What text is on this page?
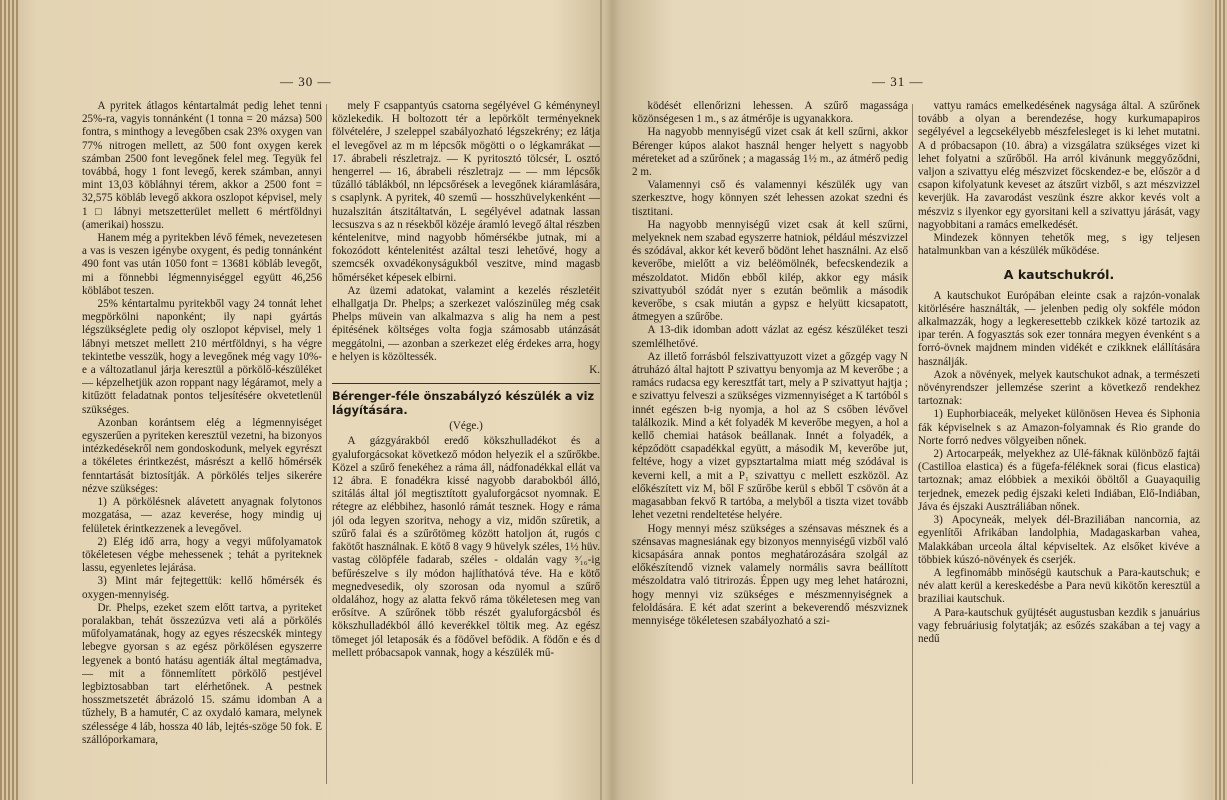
— 30 —

A pyritek átlagos kéntartalmát pedig lehet tenni 25%-ra, vagyis tonnánként (1 tonna = 20 mázsa) 500 fontra, s minthogy a levegőben csak 23% oxygen van 77% nitrogen mellett, az 500 font oxygen kerek számban 2500 font levegőnek felel meg. Tegyük fel továbbá, hogy 1 font levegő, kerek számban, annyi mint 13,03 köbláhnyi térem, akkor a 2500 font = 32,575 köbláb levegő akkora oszlopot képvisel, mely 1 □ lábnyi metszetterület mellett 6 mértföldnyi (amerikai) hosszu.

Hanem még a pyritekben lévő fémek, nevezetesen a vas is veszen igénybe oxygent, és pedig tonnánként 490 font vas után 1050 font = 13681 köbláb levegőt, mi a fönnebbi légmennyiséggel együtt 46,256 köblábot teszen.

25% kéntartalmu pyritekből vagy 24 tonnát lehet megpörkölni naponként; ily napi gyártás légszükséglete pedig oly oszlopot képvisel, mely 1 lábnyi metszet mellett 210 mértföldnyi, s ha végre tekintetbe vesszük, hogy a levegőnek még vagy 10%-e a változatlanul járja keresztül a pörkölő-készüléket — képzelhetjük azon roppant nagy légáramot, mely a kitűzött feladatnak pontos teljesítésére okvetetlenül szükséges.

Azonban korántsem elég a légmennyiséget egyszerűen a pyriteken keresztül vezetni, ha bizonyos intézkedésekről nem gondoskodunk, melyek egyrészt a tökéletes érintkezést, másrészt a kellő hőmérsék fenntartását biztosítják. A pörkölés teljes sikerére nézve szükséges:

1) A pörkölésnek alávetett anyagnak folytonos mozgatása, — azaz keverése, hogy mindig uj felületek érintkezzenek a levegővel.

2) Elég idő arra, hogy a vegyi műfolyamatok tökéletesen végbe mehessenek ; tehát a pyriteknek lassu, egyenletes lejárása.

3) Mint már fejtegettük: kellő hőmérsék és oxygen-mennyiség.

Dr. Phelps, ezeket szem előtt tartva, a pyriteket poralakban, tehát összezúzva veti alá a pörkölés műfolyamatának, hogy az egyes részecskék mintegy lebegve gyorsan s az egész pörkölésen egyszerre legyenek a bontó hatásu agentiák által megtámadva, — mit a fönnemlített pörkölő pestjével legbiztosabban tart elérhetőnek. A pestnek hosszmetszetét ábrázoló 15. számu idomban A a tűzhely, B a hamutér, C az oxydaló kamara, melynek szélessége 4 láb, hossza 40 láb, lejtés-szöge 50 fok. E szállóporkamara,

mely F csappantyús csatorna segélyével G kéményneyl közlekedik. H boltozott tér a lepörkölt terményeknek fölvételére, J szeleppel szabályozható légszekrény; ez látja el levegővel az m m lépcsők mögötti o o légkamrákat — 17. ábrabeli részletrajz. — K pyritosztó tölcsér, L osztó hengerrel — 16, ábrabeli részletrajz — — mm lépcsők tűzálló táblákból, nn lépcsőrések a levegőnek kiáramlására, s csaplynk. A pyritek, 40 szemű — hosszhüvelykenként — huzalszitán átszitáltatván, L segélyével adatnak lassan lecsuszva s az n résekből közéje áramló levegő által részben kéntelenitve, mind nagyobb hőmérsékbe jutnak, mi a fokozódott kéntelenitést azáltal teszi lehetővé, hogy a szemcsék oxvadékonyságukból veszitve, mind magasb hőmérséket képesek elbirni.

Az üzemi adatokat, valamint a kezelés részletéit elhallgatja Dr. Phelps; a szerkezet valószinüleg még csak Phelps müvein van alkalmazva s alig ha nem a pest épitésének költséges volta fogja számosabb utánzását meggátolni, — azonban a szerkezet elég érdekes arra, hogy e helyen is közöltessék.

K.

Bérenger-féle önszabályzó készülék a viz lágyítására.

(Vége.)

A gázgyárakból eredő kökszhulladékot és a gyaluforgácsokat következő módon helyezik el a szűrőkbe. Közel a szűrő fenekéhez a ráma áll, nádfonadékkal ellát va 12 ábra. E fonadékra kissé nagyobb darabokból álló, szitálás által jól megtisztított gyaluforgácsot nyomnak. E rétegre az elébbihez, hasonló rámát tesznek. Hogy e ráma jól oda legyen szoritva, nehogy a viz, midőn szűretik, a szűrő falai és a szűrőtömeg között hatoljon át, rugós c fakötőt használnak. E kötő 8 vagy 9 hüvelyk széles, 1½ hüv. vastag cölöpféle fadarab, széles - oldalán vagy ³⁄₁₆-ig befűrészelve s ily módon hajlíthatóvá téve. Ha e kötő megnedvesedik, oly szorosan oda nyomul a szűrő oldalához, hogy az alatta fekvő ráma tökéletesen meg van erősítve. A szűrőnek több részét gyaluforgácsból és kökszhulladékból álló keverékkel töltik meg. Az egész tömeget jól letaposák és a födővel befödik. A födőn e és d mellett próbacsapok vannak, hogy a készülék mű-

— 31 —

ködését ellenőrizni lehessen. A szűrő magassága közönségesen 1 m., s az átmérője is ugyanakkora.

Ha nagyobb mennyiségű vizet csak át kell szűrni, akkor Bérenger kúpos alakot használ henger helyett s nagyobb méreteket ad a szűrőnek ; a magasság 1½ m., az átmérő pedig 2 m.

Valamennyi cső és valamennyi készülék ugy van szerkesztve, hogy könnyen szét lehessen azokat szedni és tisztitani.

Ha nagyobb mennyiségű vizet csak át kell szűrni, melyeknek nem szabad egyszerre hatniok, például mészvizzel és szódával, akkor két keverő bödönt lehet használni. Az első keverőbe, mielőtt a viz beléömölnék, befecskendezik a mészoldatot. Midőn ebből kilép, akkor egy másik szivattyuból szódát nyer s ezután beömlik a második keverőbe, s csak miután a gypsz e helyütt kicsapatott, átmegyen a szűrőbe.

A 13-dik idomban adott vázlat az egész készüléket teszi szemlélhetővé.

Az illető forrásból felszivattyuzott vizet a gőzgép vagy N átruházó által hajtott P szivattyu benyomja az M keverőbe ; a ramács rudacsa egy keresztfát tart, mely a P szivattyut hajtja ; e szivattyu felveszi a szükséges vizmennyiséget a K tartóból s innét egészen b-ig nyomja, a hol az S csőben lévővel találkozik. Mind a két folyadék M keverőbe megyen, a hol a kellő chemiai hatások beállanak. Innét a folyadék, a képződött csapadékkal együtt, a második M₁ keverőbe jut, feltéve, hogy a vizet gypsztartalma miatt még szódával is keverni kell, a mit a P₁ szivattyu c mellett eszközöl. Az előkészített viz M₁ ből F szűrőbe kerül s ebből T csövön át a magasabban fekvő R tartóba, a melyből a tiszta vizet tovább lehet vezetni rendeltetése helyére.

Hogy mennyi mész szükséges a szénsavas mésznek és a szénsavas magnesiának egy bizonyos mennyiségű vizből való kicsapására annak pontos meghatározására szolgál az előkészítendő viznek valamely normális savra beállított mészoldatra való titrirozás. Éppen ugy meg lehet határozni, hogy mennyi viz szükséges e mészmennyiségnek a feloldására. E két adat szerint a bekeverendő mészviznek mennyisége tökéletesen szabályozható a szi-

vattyu ramács emelkedésének nagysága által. A szűrőnek tovább a olyan a berendezése, hogy kurkumapapiros segélyével a legcsekélyebb mészfelesleget is ki lehet mutatni. A d próbacsapon (10. ábra) a vizsgálatra szükséges vizet ki lehet folyatni a szűrőből. Ha arról kivánunk meggyőződni, valjon a szivattyu elég mészvizet föcskendez-e be, először a d csapon kifolyatunk keveset az átszűrt vizből, s azt mészvizzel keverjük. Ha zavarodást veszünk észre akkor kevés volt a mészviz s ilyenkor egy gyorsitani kell a szivattyu járását, vagy nagyobbitani a ramács emelkedését.

Mindezek könnyen tehetők meg, s igy teljesen hatalmunkban van a készülék működése.

A kautschukról.

A kautschukot Európában eleinte csak a rajzón-vonalak kitörlésére használták, — jelenben pedig oly sokféle módon alkalmazzák, hogy a legkeresettebb czikkek közé tartozik az ipar terén. A fogyasztás sok ezer tonnára megyen évenként s a forró-övnek majdnem minden vidékét e czikknek elállítására használják.

Azok a növények, melyek kautschukot adnak, a természeti növényrendszer jellemzése szerint a következő rendekhez tartoznak:

1) Euphorbiaceák, melyeket különösen Hevea és Siphonia fák képviselnek s az Amazon-folyamnak és Rio grande do Norte forró nedves völgyeiben nőnek.

2) Artocarpeák, melyekhez az Ulé-fáknak különböző fajtái (Castilloa elastica) és a fügefa-féléknek sorai (ficus elastica) tartoznak; amaz elóbbiek a mexikói öböltől a Guayaquilig terjednek, emezek pedig éjszaki keleti Indiában, Elő-Indiában, Jáva és éjszaki Ausztráliában nőnek.

3) Apocyneák, melyek dél-Braziliában nancornia, az egyenlítői Afrikában landolphia, Madagaskarban vahea, Malakkában urceola által képviseltek. Az elsőket kivéve a többiek kúszó-növények és cserjék.

A legfinomább minőségü kautschuk a Para-kautschuk; e név alatt kerül a kereskedésbe a Para nevü kikötőn keresztül a braziliai kautschuk.

A Para-kautschuk gyüjtését augustusban kezdik s januárius vagy februáriusig folytatják; az esőzés szakában a tej vagy a nedű
